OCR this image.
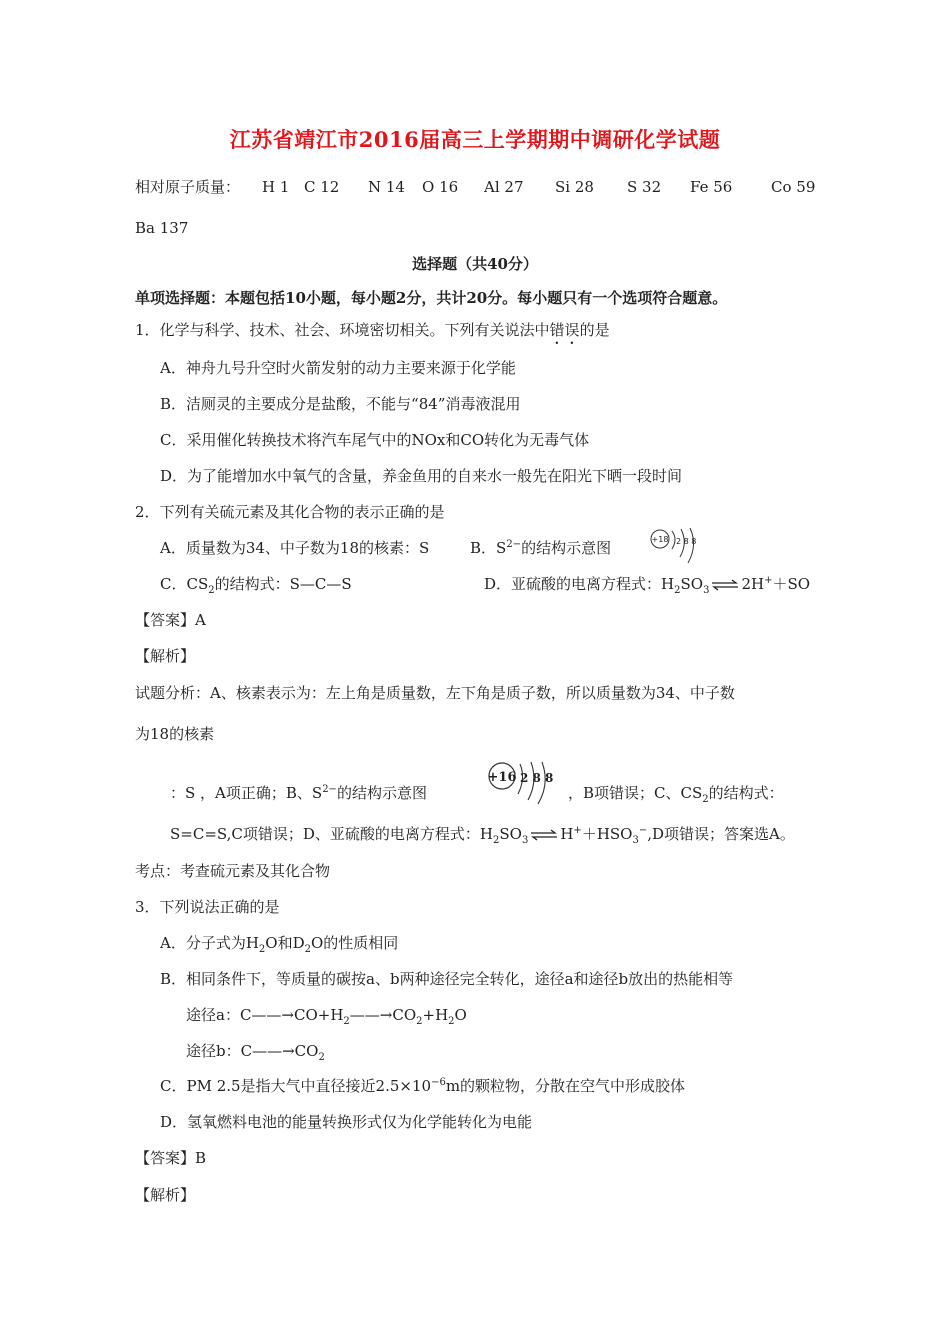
江苏省靖江市2016届高三上学期期中调研化学试题
相对原子质量： H 1 C 12 N 14 O 16 Al 27 Si 28 S 32 Fe 56	Co 59
Ba 137
选择题（共40分）
单项选择题：本题包括10小题，每小题2分，共计20分。每小题只有一个选项符合题意。
1．化学与科学、技术、社会、环境密切相关。下列有关说法中错误的是
A．神舟九号升空时火箭发射的动力主要来源于化学能
B．洁厕灵的主要成分是盐酸，不能与“84”消毒液混用
C．采用催化转换技术将汽车尾气中的NOx和CO转化为无毒气体
D．为了能增加水中氧气的含量，养金鱼用的自来水一般先在阳光下晒一段时间
2．下列有关硫元素及其化合物的表示正确的是
A．质量数为34、中子数为18的核素：S	B．$S^{2-}$的结构示意图	+18 2 8 8
C．$CS_2$的结构式：S—C—S	D．亚硫酸的电离方程式：$H_2SO_3\rightleftharpoons 2H^++SO$
【答案】A
【解析】
试题分析：A、核素表示为：左上角是质量数，左下角是质子数，所以质量数为34、中子数
为18的核素
：S ，A项正确；B、$S^{2-}$的结构示意图
+16 2 8 8
，B项错误；C、$CS_2$的结构式：
S=C=S,C项错误；D、亚硫酸的电离方程式：$H_2SO_3\rightleftharpoons H^++HSO_3^-,D$项错误；答案选A。
考点：考查硫元素及其化合物
3．下列说法正确的是
A．分子式为$H_2O$和$D_2O$的性质相同
B．相同条件下，等质量的碳按a、b两种途径完全转化，途径a和途径b放出的热能相等
途径a：$C——\to CO+H_2——\to CO_2+H_2O$
途径b：$C——\to CO_2$
C．PM 2.5是指大气中直径接近$2.5\times 10^{-6}m$的颗粒物，分散在空气中形成胶体
D．氢氧燃料电池的能量转换形式仅为化学能转化为电能
【答案】B
【解析】
